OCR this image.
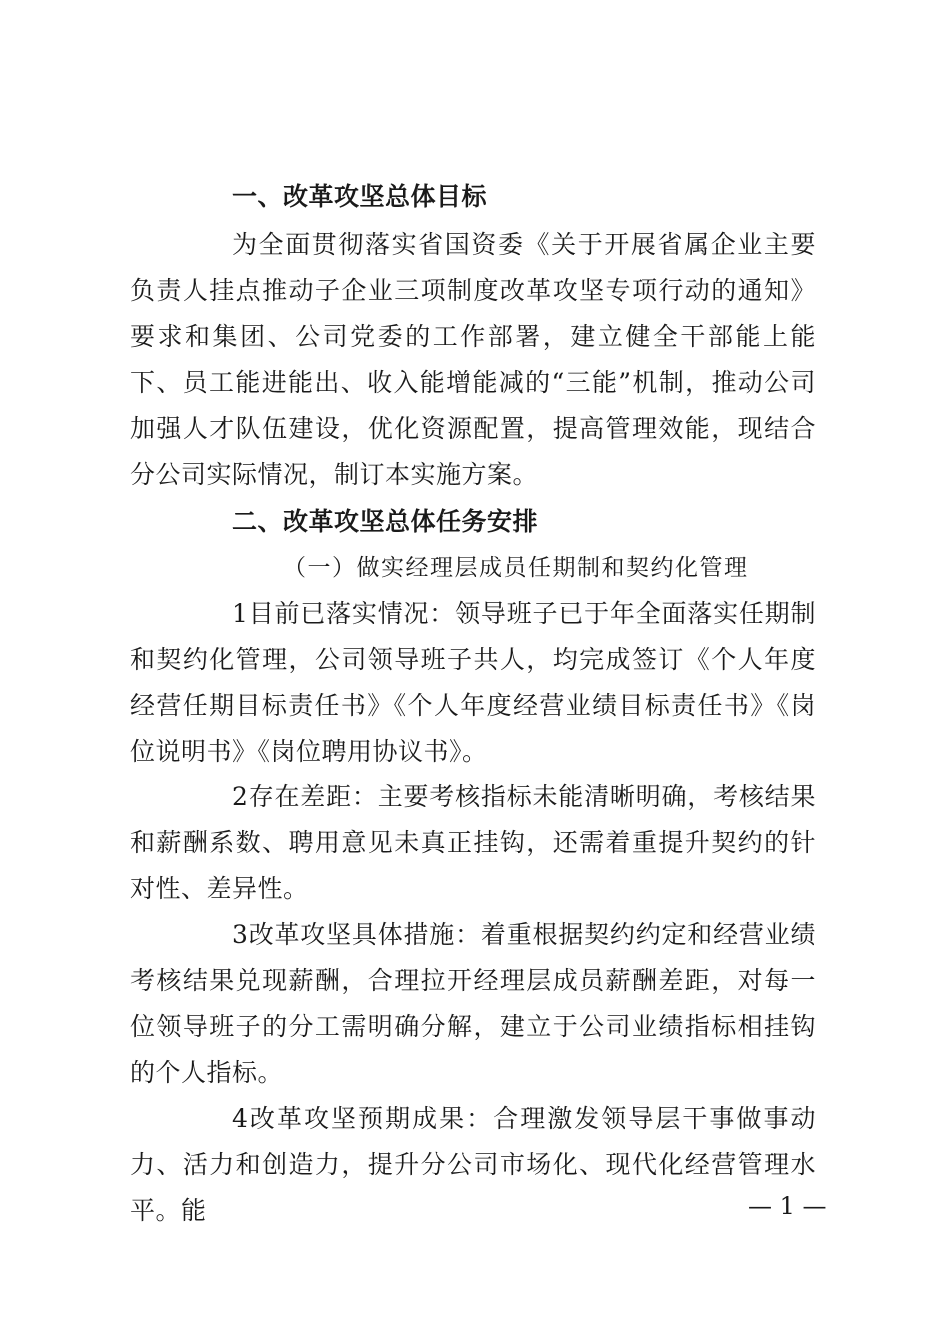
一、改革攻坚总体目标
为全面贯彻落实省国资委《关于开展省属企业主要负责人挂点推动子企业三项制度改革攻坚专项行动的通知》要求和集团、公司党委的工作部署，建立健全干部能上能下、员工能进能出、收入能增能减的“三能”机制，推动公司加强人才队伍建设，优化资源配置，提高管理效能，现结合分公司实际情况，制订本实施方案。
二、改革攻坚总体任务安排
（一）做实经理层成员任期制和契约化管理
1目前已落实情况：领导班子已于年全面落实任期制和契约化管理，公司领导班子共人，均完成签订《个人年度经营任期目标责任书》《个人年度经营业绩目标责任书》《岗位说明书》《岗位聘用协议书》。
2存在差距：主要考核指标未能清晰明确，考核结果和薪酬系数、聘用意见未真正挂钩，还需着重提升契约的针对性、差异性。
3改革攻坚具体措施：着重根据契约约定和经营业绩考核结果兑现薪酬，合理拉开经理层成员薪酬差距，对每一位领导班子的分工需明确分解，建立于公司业绩指标相挂钩的个人指标。
4改革攻坚预期成果：合理激发领导层干事做事动力、活力和创造力，提升分公司市场化、现代化经营管理水平。能	— 1 —
